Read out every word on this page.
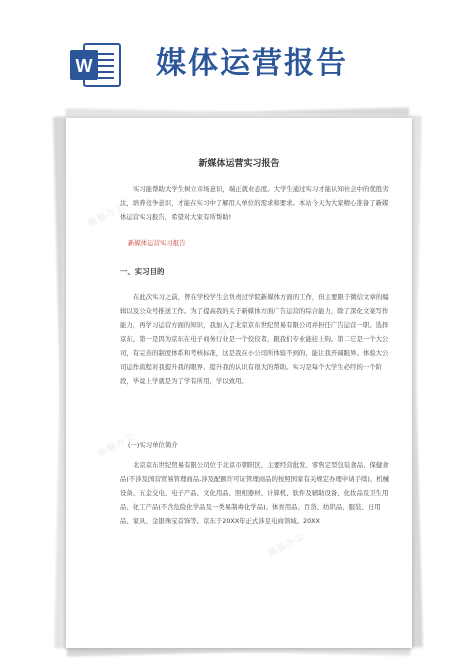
W 媒体运营报告
熊猫办公
熊猫办公
熊猫办公
熊猫办公
新媒体运营实习报告
实习能帮助大学生树立市场意识，端正就业态度。大学生通过实习才能认知社会中的优胜劣汰，培养竞争意识，才能在实习中了解用人单位的需求和要求。本站今天为大家精心准备了新媒体运营实习报告，希望对大家有所帮助!
新媒体运营实习报告
一、实习目的
在此次实习之前，曾在学校学生会负责过学院新媒体方面的工作，但主要限于微信文章的编辑以及公众号推送工作。为了提高我的关于新媒体方面广告运营的综合能力，除了深化文案写作能力，再学习运营方面的知识，我加入了北京京东世纪贸易有限公司并担任广告运营一职。选择京东，第一是因为京东在电子商务行业是一个佼佼者，跟我们专业能挂上钩。第二它是一个大公司，有完善的制度体系和考核标准，这是我在小公司所体验不到的，能让我开阔眼界。体验大公司运作流程对我提升我的眼界、提升我的认识有很大的帮助。实习是每个大学生必经的一个阶段，毕竟上学就是为了学有所用，学以致用。
(一)实习单位简介
北京京东世纪贸易有限公司位于北京市朝阳区，主要经营批发、零售定型包装食品、保健食品(不涉及国营贸易管理商品,涉及配额许可证管理商品的按照国家有关规定办理申请手续)、机械设备、五金交电、电子产品、文化用品、照相器材、计算机、软件及辅助设备、化妆品及卫生用品、化工产品(不含危险化学品及一类易制毒化学品)、体育用品、百货、纺织品、服装、日用品、家具、金银珠宝首饰等。京东于20XX年正式涉足电商领域。20XX
